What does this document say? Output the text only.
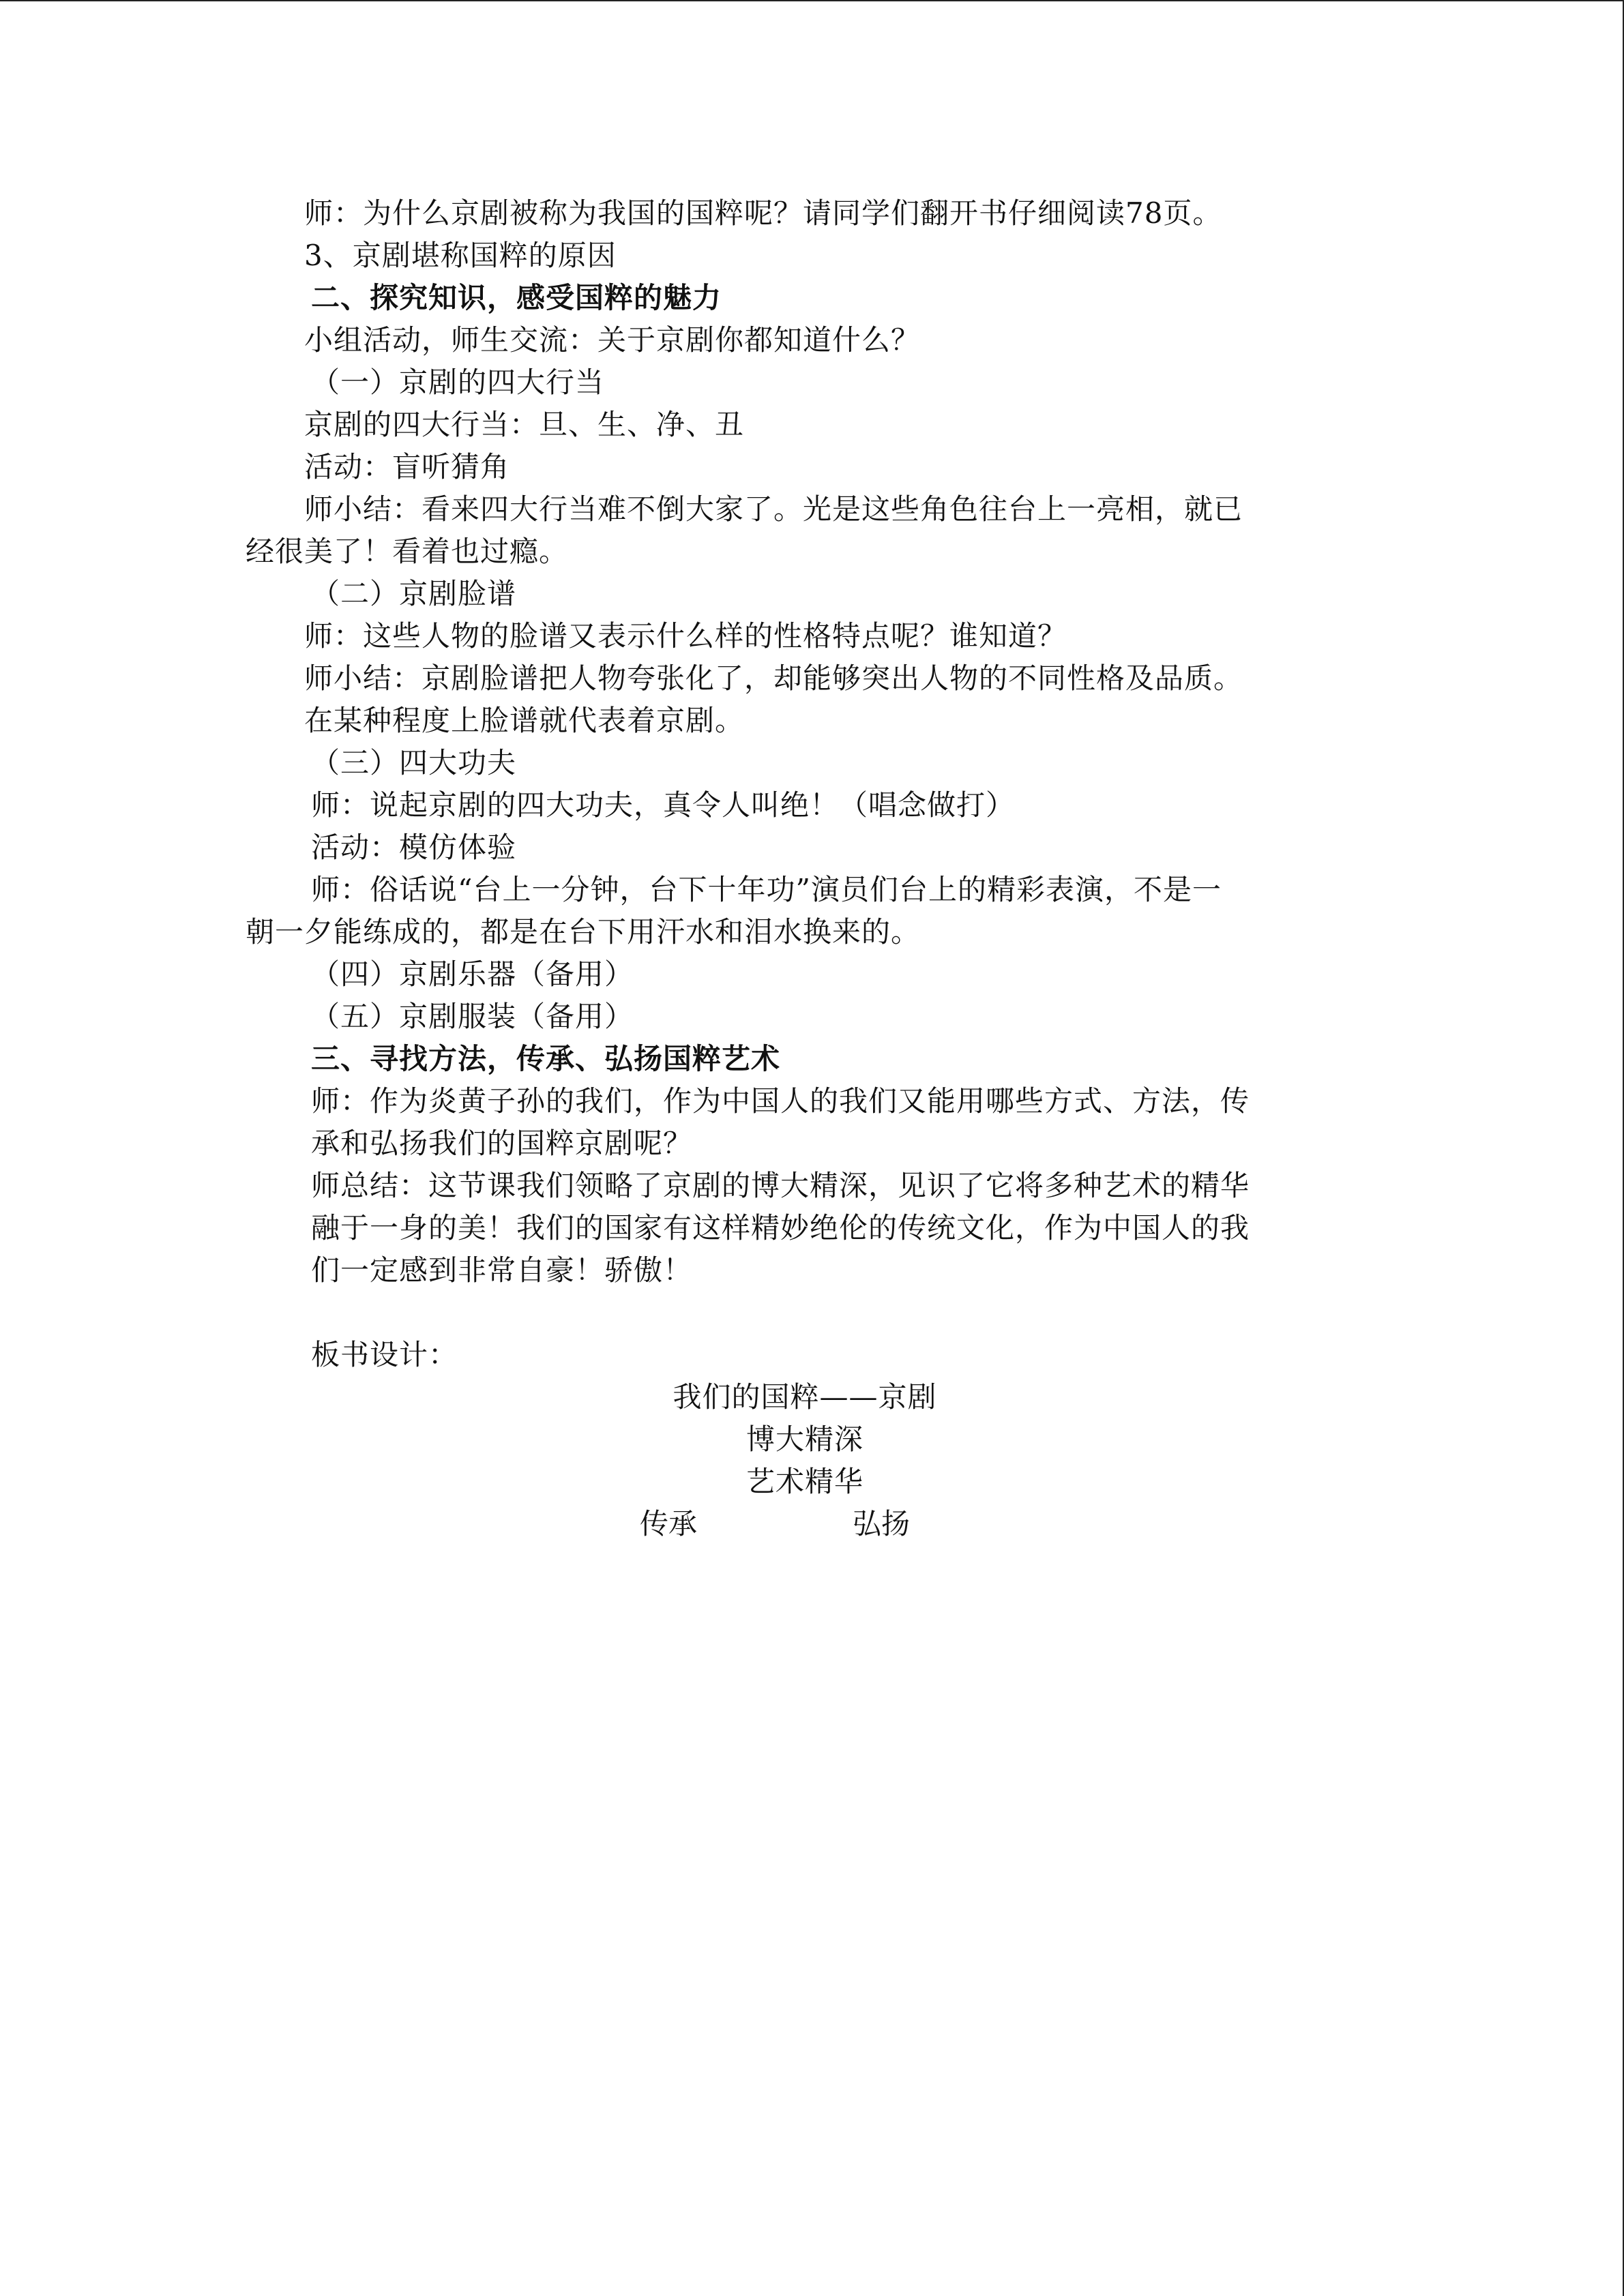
师：为什么京剧被称为我国的国粹呢？请同学们翻开书仔细阅读78页。
3、京剧堪称国粹的原因
二、探究知识，感受国粹的魅力
小组活动，师生交流：关于京剧你都知道什么？
（一）京剧的四大行当
京剧的四大行当：旦、生、净、丑
活动：盲听猜角
师小结：看来四大行当难不倒大家了。光是这些角色往台上一亮相，就已
经很美了！看着也过瘾。
（二）京剧脸谱
师：这些人物的脸谱又表示什么样的性格特点呢？谁知道？
师小结：京剧脸谱把人物夸张化了，却能够突出人物的不同性格及品质。
在某种程度上脸谱就代表着京剧。
（三）四大功夫
师：说起京剧的四大功夫，真令人叫绝！（唱念做打）
活动：模仿体验
师：俗话说“台上一分钟，台下十年功”演员们台上的精彩表演，不是一
朝一夕能练成的，都是在台下用汗水和泪水换来的。
（四）京剧乐器（备用）
（五）京剧服装（备用）
三、寻找方法，传承、弘扬国粹艺术
师：作为炎黄子孙的我们，作为中国人的我们又能用哪些方式、方法，传
承和弘扬我们的国粹京剧呢？
师总结：这节课我们领略了京剧的博大精深，见识了它将多种艺术的精华
融于一身的美！我们的国家有这样精妙绝伦的传统文化，作为中国人的我
们一定感到非常自豪！骄傲！
板书设计：
我们的国粹——京剧
博大精深
艺术精华
传承	弘扬
